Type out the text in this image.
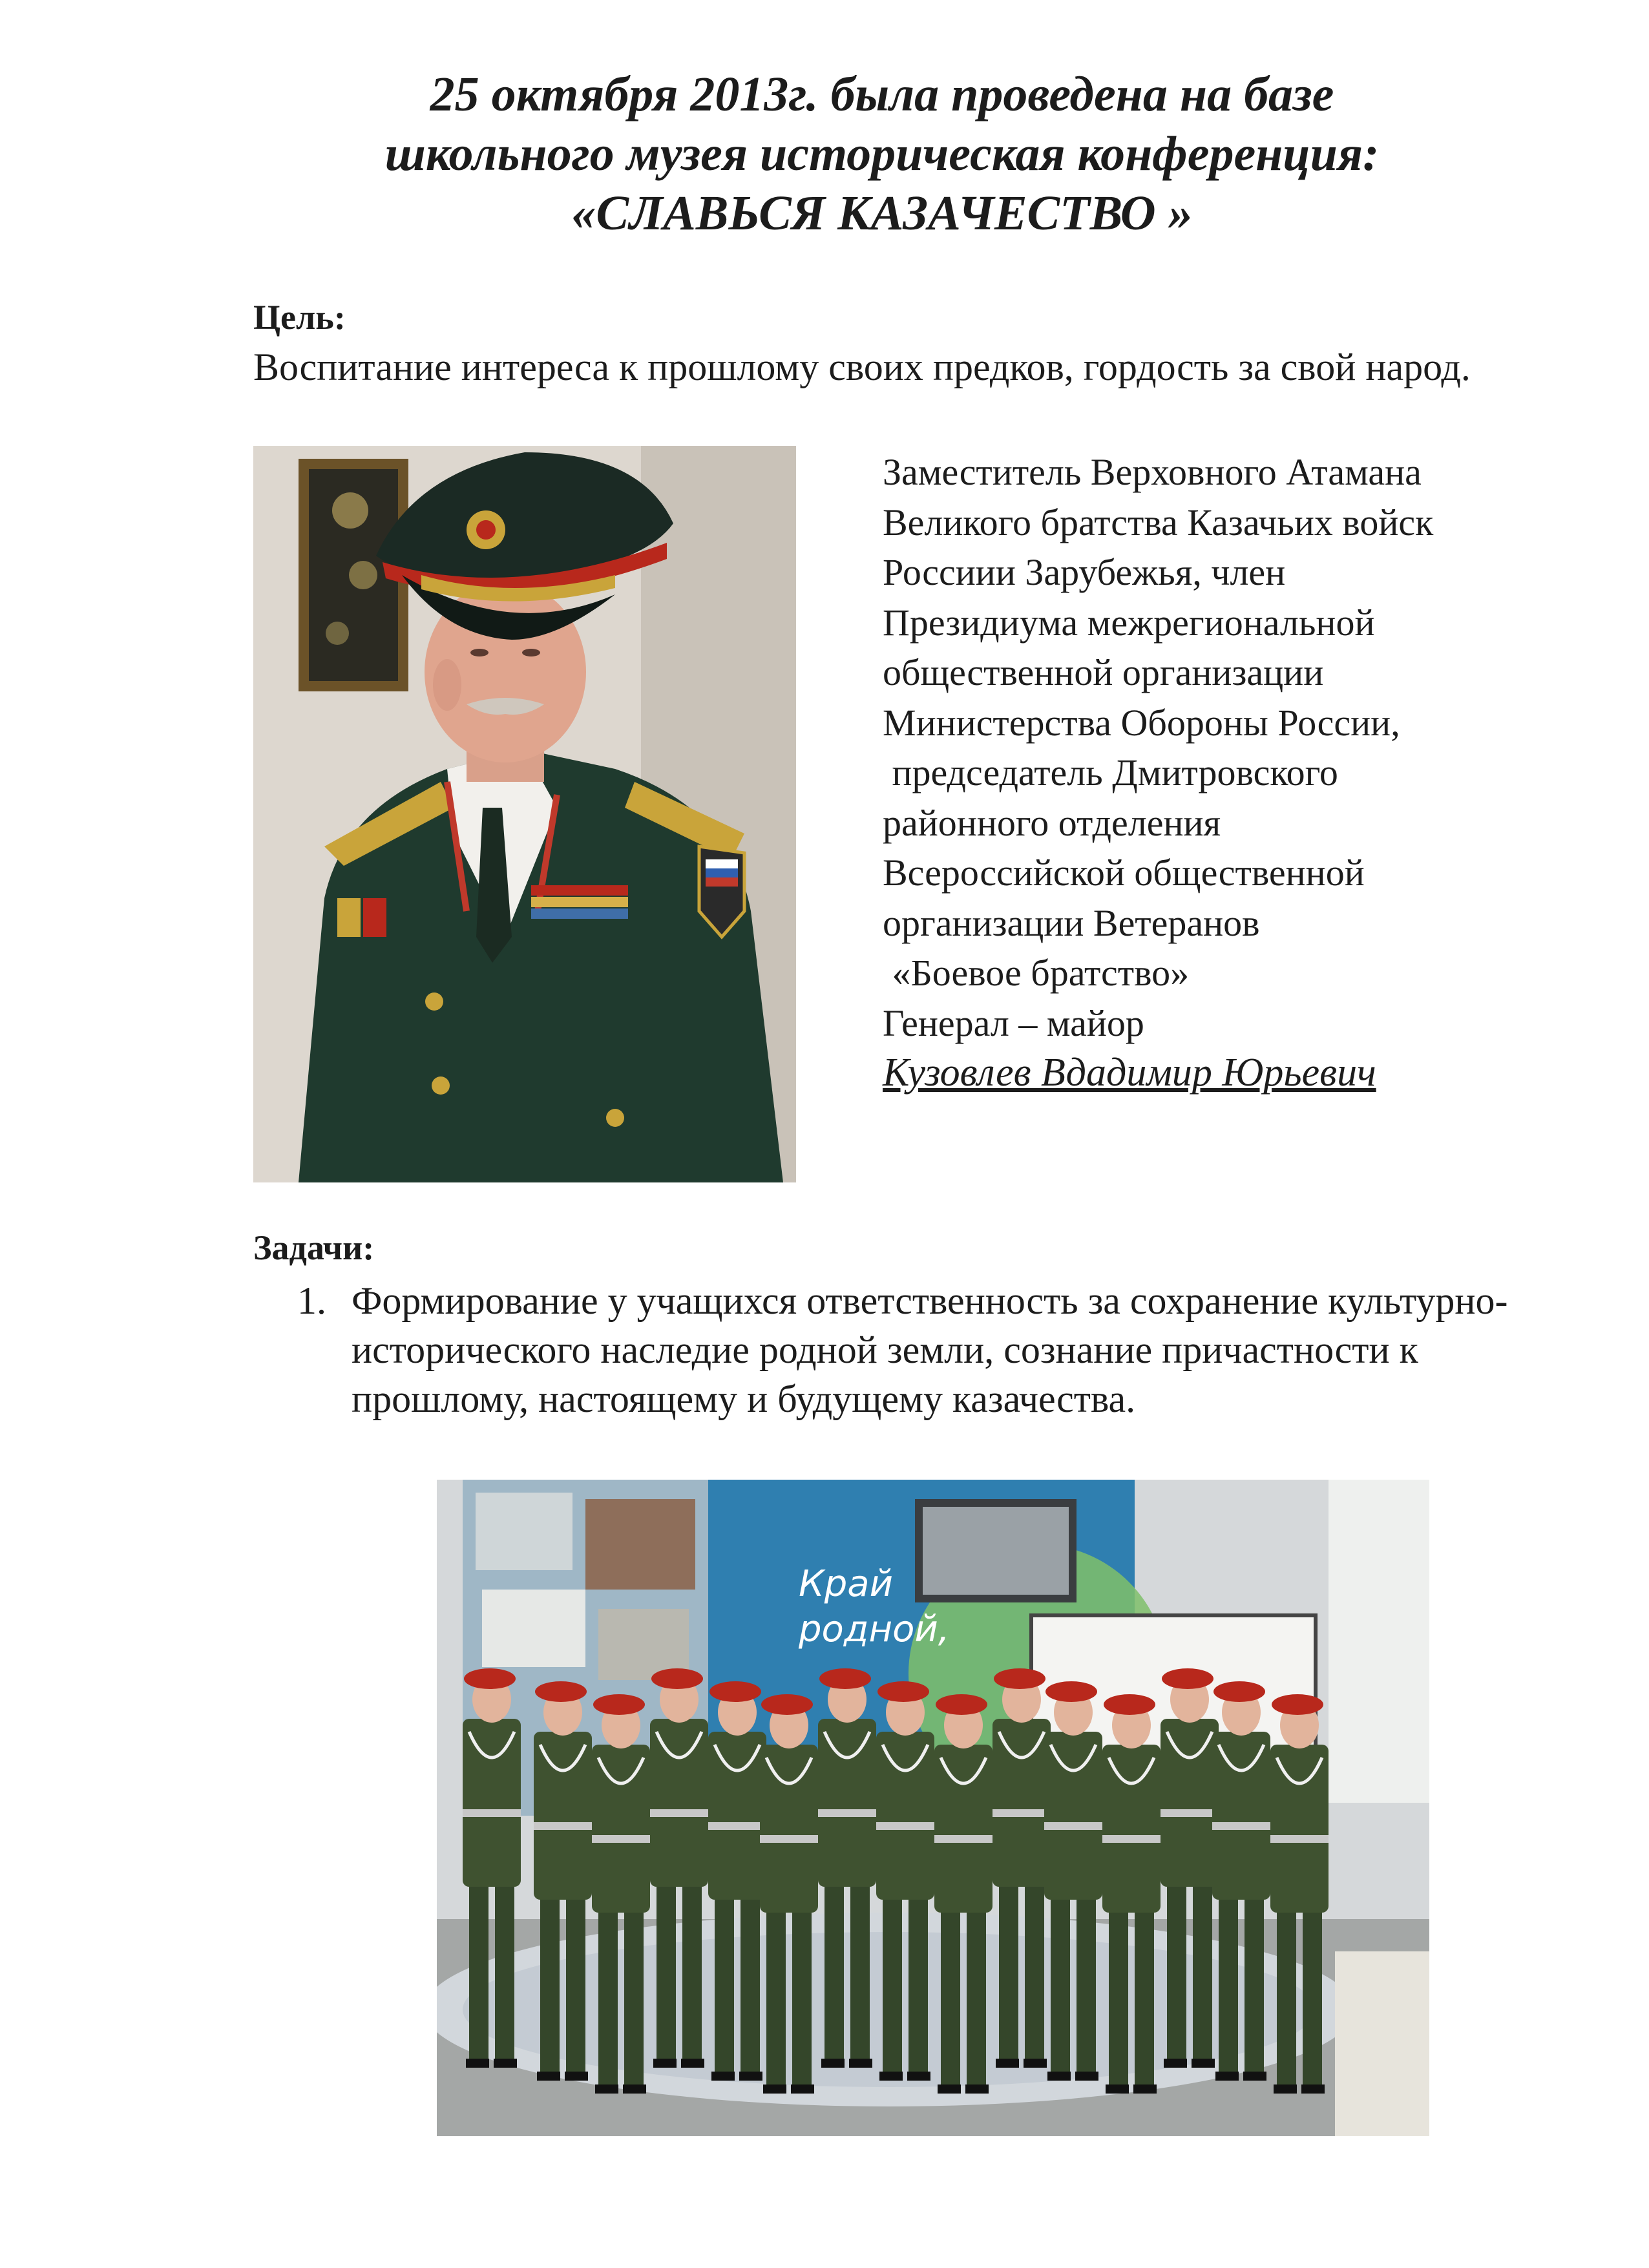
25 октября 2013г. была проведена на базе
школьного музея историческая конференция:
«СЛАВЬСЯ КАЗАЧЕСТВО »
Цель:
Воспитание интереса к прошлому своих предков, гордость за свой народ.
Заместитель Верховного Атамана
Великого братства Казачьих войск
Россиии Зарубежья, член
Президиума межрегиональной
общественной организации
Министерства Обороны России,
председатель Дмитровского
районного отделения
Всероссийской общественной
организации Ветеранов
«Боевое братство»
Генерал – майор
Кузовлев Вдадимир Юрьевич
Задачи:
1. Формирование у учащихся ответственность за сохранение культурно-исторического наследие родной земли, сознание причастности к прошлому, настоящему и будущему казачества.
Край
родной,
